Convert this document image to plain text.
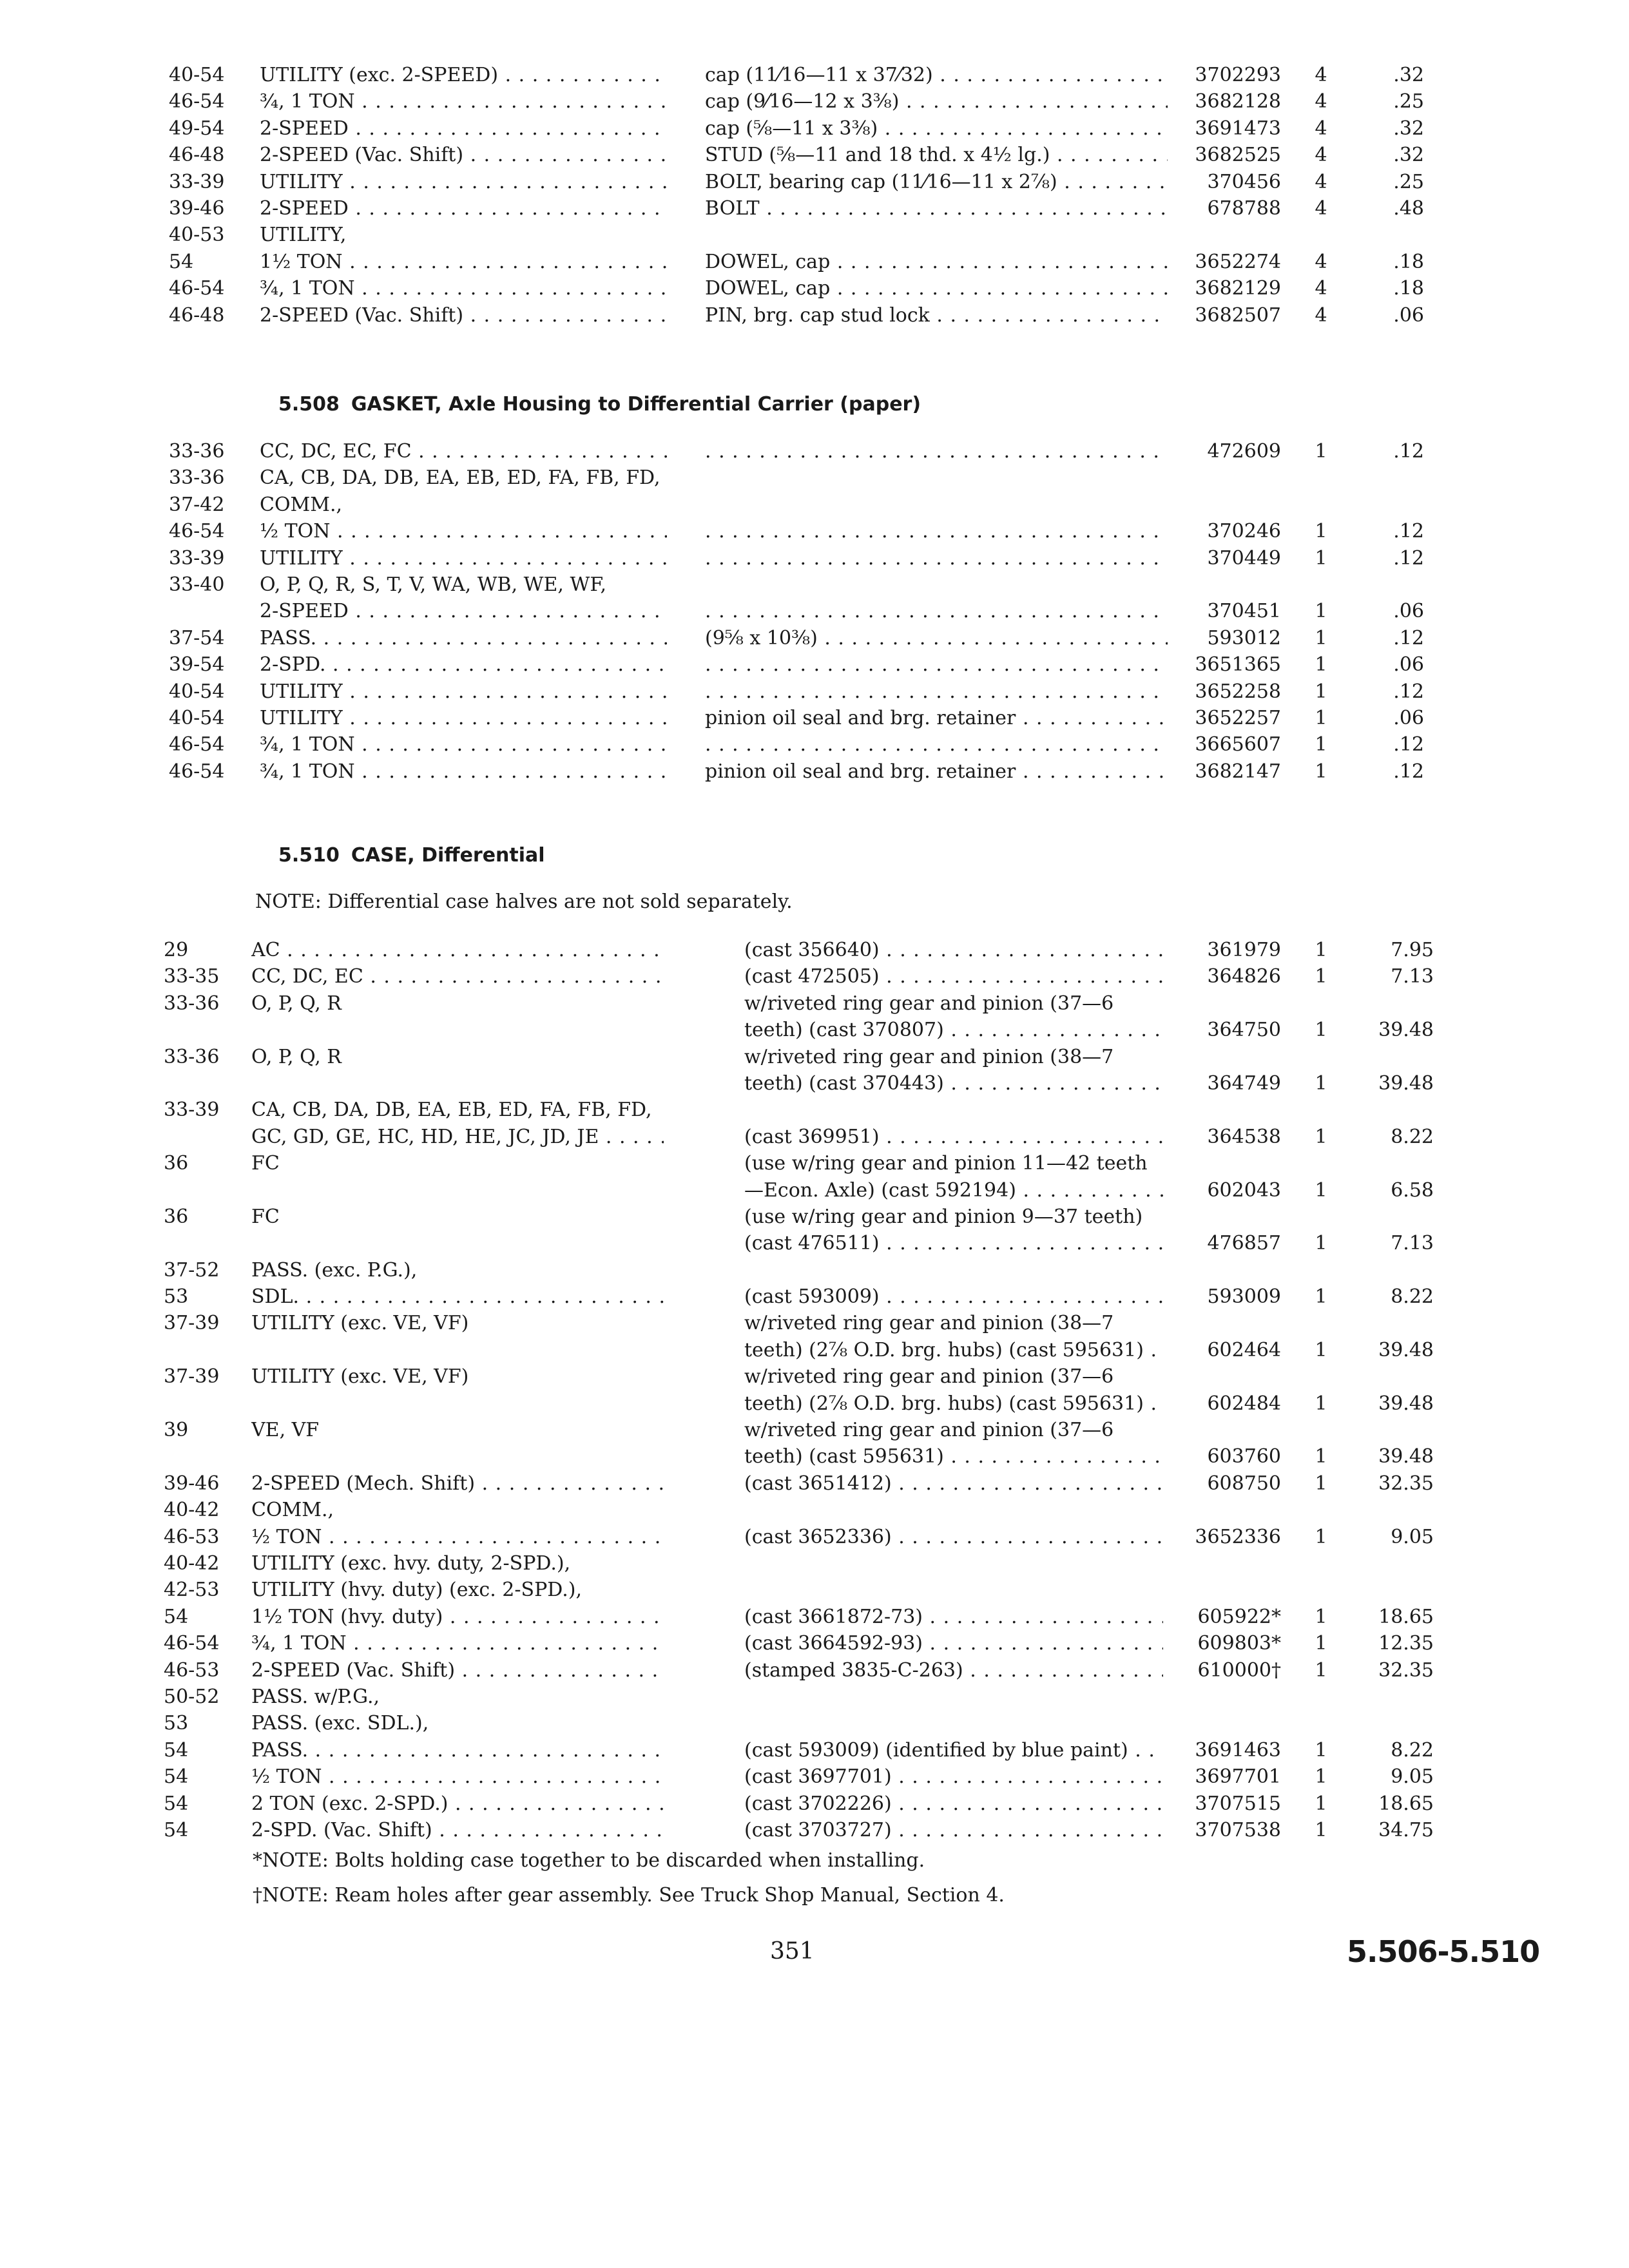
40-54	UTILITY (exc. 2-SPEED) . . .	cap (11⁄16—11 x 37⁄32) . . .	3702293	4	.32
46-54	¾, 1 TON . . .	cap (9⁄16—12 x 3⅜) . . .	3682128	4	.25
49-54	2-SPEED . . .	cap (⅝—11 x 3⅜) . . .	3691473	4	.32
46-48	2-SPEED (Vac. Shift) . . .	STUD (⅝—11 and 18 thd. x 4½ lg.) . . .	3682525	4	.32
33-39	UTILITY . . .	BOLT, bearing cap (11⁄16—11 x 2⅞) . . .	370456	4	.25
39-46	2-SPEED . . .	BOLT . . .	678788	4	.48
40-53	UTILITY,
54	1½ TON . . .	DOWEL, cap . . .	3652274	4	.18
46-54	¾, 1 TON . . .	DOWEL, cap . . .	3682129	4	.18
46-48	2-SPEED (Vac. Shift) . . .	PIN, brg. cap stud lock . . .	3682507	4	.06
5.508 GASKET, Axle Housing to Differential Carrier (paper)
33-36	CC, DC, EC, FC . . . . . .	472609	1	.12
33-36	CA, CB, DA, DB, EA, EB, ED, FA, FB, FD,
37-42	COMM.,
46-54	½ TON . . . . . .	370246	1	.12
33-39	UTILITY . . . . . .	370449	1	.12
33-40	O, P, Q, R, S, T, V, WA, WB, WE, WF,
2-SPEED . . . . . .	370451	1	.06
37-54	PASS. . . .	(9⅝ x 10⅜) . . .	593012	1	.12
39-54	2-SPD. . . . . . .	3651365	1	.06
40-54	UTILITY . . . . . .	3652258	1	.12
40-54	UTILITY . . .	pinion oil seal and brg. retainer . . .	3652257	1	.06
46-54	¾, 1 TON . . . . . .	3665607	1	.12
46-54	¾, 1 TON . . .	pinion oil seal and brg. retainer . . .	3682147	1	.12
5.510 CASE, Differential
NOTE: Differential case halves are not sold separately.
29	AC . . .	(cast 356640) . . .	361979	1	7.95
33-35	CC, DC, EC . . .	(cast 472505) . . .	364826	1	7.13
33-36	O, P, Q, R	w/riveted ring gear and pinion (37—6
teeth) (cast 370807) . . .	364750	1	39.48
33-36	O, P, Q, R	w/riveted ring gear and pinion (38—7
teeth) (cast 370443) . . .	364749	1	39.48
33-39	CA, CB, DA, DB, EA, EB, ED, FA, FB, FD,
GC, GD, GE, HC, HD, HE, JC, JD, JE . . .	(cast 369951) . . .	364538	1	8.22
36	FC	(use w/ring gear and pinion 11—42 teeth
—Econ. Axle) (cast 592194) . . .	602043	1	6.58
36	FC	(use w/ring gear and pinion 9—37 teeth)
(cast 476511) . . .	476857	1	7.13
37-52	PASS. (exc. P.G.),
53	SDL. . . .	(cast 593009) . . .	593009	1	8.22
37-39	UTILITY (exc. VE, VF)	w/riveted ring gear and pinion (38—7
teeth) (2⅞ O.D. brg. hubs) (cast 595631) . . .	602464	1	39.48
37-39	UTILITY (exc. VE, VF)	w/riveted ring gear and pinion (37—6
teeth) (2⅞ O.D. brg. hubs) (cast 595631) . . .	602484	1	39.48
39	VE, VF	w/riveted ring gear and pinion (37—6
teeth) (cast 595631) . . .	603760	1	39.48
39-46	2-SPEED (Mech. Shift) . . .	(cast 3651412) . . .	608750	1	32.35
40-42	COMM.,
46-53	½ TON . . .	(cast 3652336) . . .	3652336	1	9.05
40-42	UTILITY (exc. hvy. duty, 2-SPD.),
42-53	UTILITY (hvy. duty) (exc. 2-SPD.),
54	1½ TON (hvy. duty) . . .	(cast 3661872-73) . . .	605922*	1	18.65
46-54	¾, 1 TON . . .	(cast 3664592-93) . . .	609803*	1	12.35
46-53	2-SPEED (Vac. Shift) . . .	(stamped 3835-C-263) . . .	610000†	1	32.35
50-52	PASS. w/P.G.,
53	PASS. (exc. SDL.),
54	PASS. . . .	(cast 593009) (identified by blue paint) . . .	3691463	1	8.22
54	½ TON . . .	(cast 3697701) . . .	3697701	1	9.05
54	2 TON (exc. 2-SPD.) . . .	(cast 3702226) . . .	3707515	1	18.65
54	2-SPD. (Vac. Shift) . . .	(cast 3703727) . . .	3707538	1	34.75
*NOTE: Bolts holding case together to be discarded when installing.
†NOTE: Ream holes after gear assembly. See Truck Shop Manual, Section 4.
351	5.506-5.510
